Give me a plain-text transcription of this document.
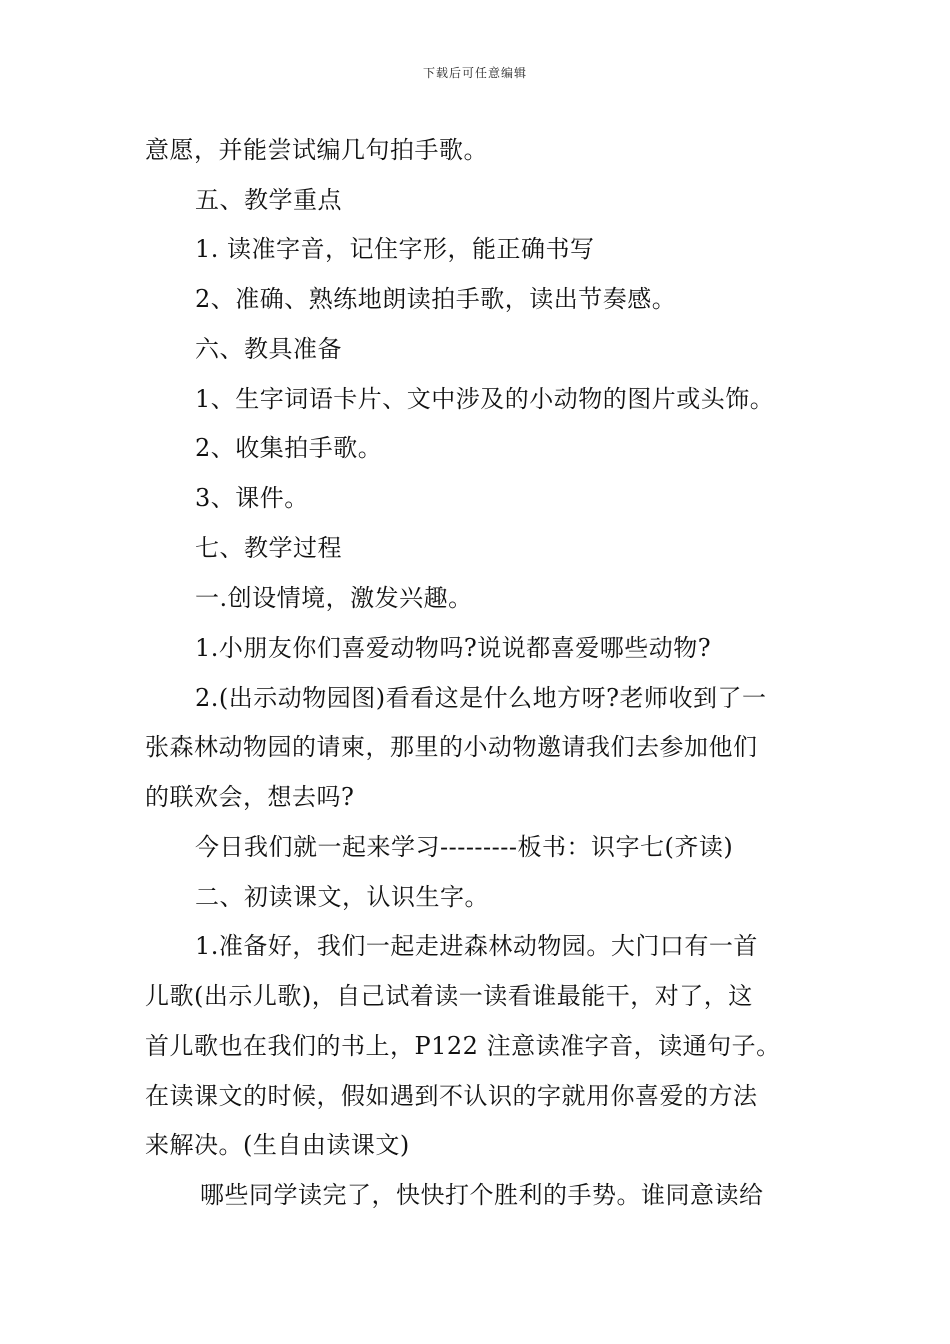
下载后可任意编辑
意愿，并能尝试编几句拍手歌。
五、教学重点
1. 读准字音，记住字形，能正确书写
2、准确、熟练地朗读拍手歌，读出节奏感。
六、教具准备
1、生字词语卡片、文中涉及的小动物的图片或头饰。
2、收集拍手歌。
3、课件。
七、教学过程
一.创设情境，激发兴趣。
1.小朋友你们喜爱动物吗?说说都喜爱哪些动物?
2.(出示动物园图)看看这是什么地方呀?老师收到了一
张森林动物园的请柬，那里的小动物邀请我们去参加他们
的联欢会，想去吗?
今日我们就一起来学习---------板书：识字七(齐读)
二、初读课文，认识生字。
1.准备好，我们一起走进森林动物园。大门口有一首
儿歌(出示儿歌)，自己试着读一读看谁最能干，对了，这
首儿歌也在我们的书上，P122 注意读准字音，读通句子。
在读课文的时候，假如遇到不认识的字就用你喜爱的方法
来解决。(生自由读课文)
哪些同学读完了，快快打个胜利的手势。谁同意读给
